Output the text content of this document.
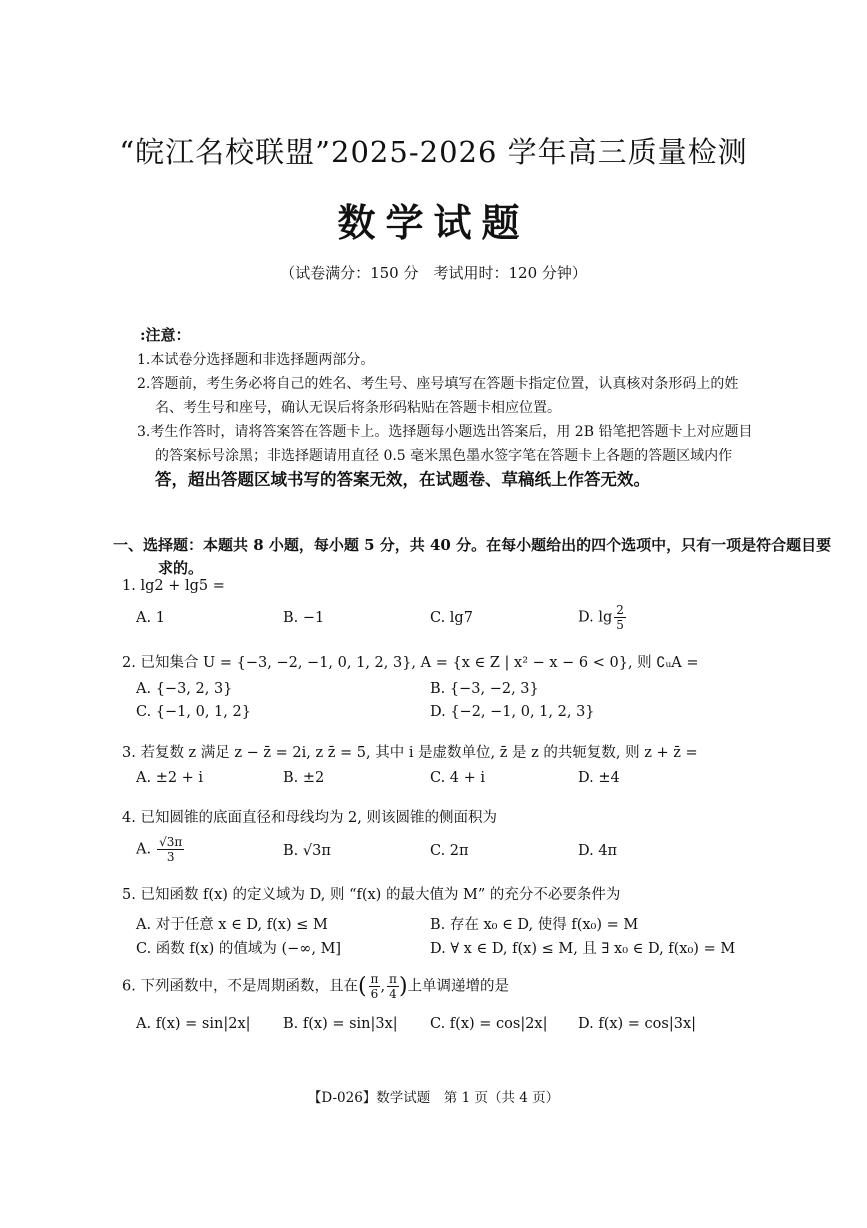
“皖江名校联盟”2025-2026 学年高三质量检测
数学试题
（试卷满分：150 分　考试用时：120 分钟）
:注意：
1.本试卷分选择题和非选择题两部分。
2.答题前，考生务必将自己的姓名、考生号、座号填写在答题卡指定位置，认真核对条形码上的姓
名、考生号和座号，确认无误后将条形码粘贴在答题卡相应位置。
3.考生作答时，请将答案答在答题卡上。选择题每小题选出答案后，用 2B 铅笔把答题卡上对应题目
的答案标号涂黑；非选择题请用直径 0.5 毫米黑色墨水签字笔在答题卡上各题的答题区域内作
答，超出答题区域书写的答案无效，在试题卷、草稿纸上作答无效。
一、选择题：本题共 8 小题，每小题 5 分，共 40 分。在每小题给出的四个选项中，只有一项是符合题目要
求的。
1. lg2 + lg5 =
A. 1	B. −1	C. lg7	D. $\lg \frac{2}{5}$
2. 已知集合 U = {−3, −2, −1, 0, 1, 2, 3}, A = {x ∈ Z | x² − x − 6 < 0}, 则 ∁ᵤA =
A. {−3, 2, 3}	B. {−3, −2, 3}
C. {−1, 0, 1, 2}	D. {−2, −1, 0, 1, 2, 3}
3. 若复数 z 满足 z − z̄ = 2i, z z̄ = 5, 其中 i 是虚数单位, z̄ 是 z 的共轭复数, 则 z + z̄ =
A. ±2 + i	B. ±2	C. 4 + i	D. ±4
4. 已知圆锥的底面直径和母线均为 2, 则该圆锥的侧面积为
A. $\frac{√3\pi}{3}$	B. √3π	C. 2π	D. 4π
5. 已知函数 f(x) 的定义域为 D, 则 “f(x) 的最大值为 M” 的充分不必要条件为
A. 对于任意 x ∈ D, f(x) ≤ M	B. 存在 x₀ ∈ D, 使得 f(x₀) = M
C. 函数 f(x) 的值域为 (−∞, M]	D. ∀ x ∈ D, f(x) ≤ M, 且 ∃ x₀ ∈ D, f(x₀) = M
6. 下列函数中，不是周期函数，且在( $\frac{\pi}{6}$ , $\frac{\pi}{4}$ )上单调递增的是
A. f(x) = sin|2x| B. f(x) = sin|3x| C. f(x) = cos|2x| D. f(x) = cos|3x|
【D-026】数学试题　第 1 页（共 4 页）
